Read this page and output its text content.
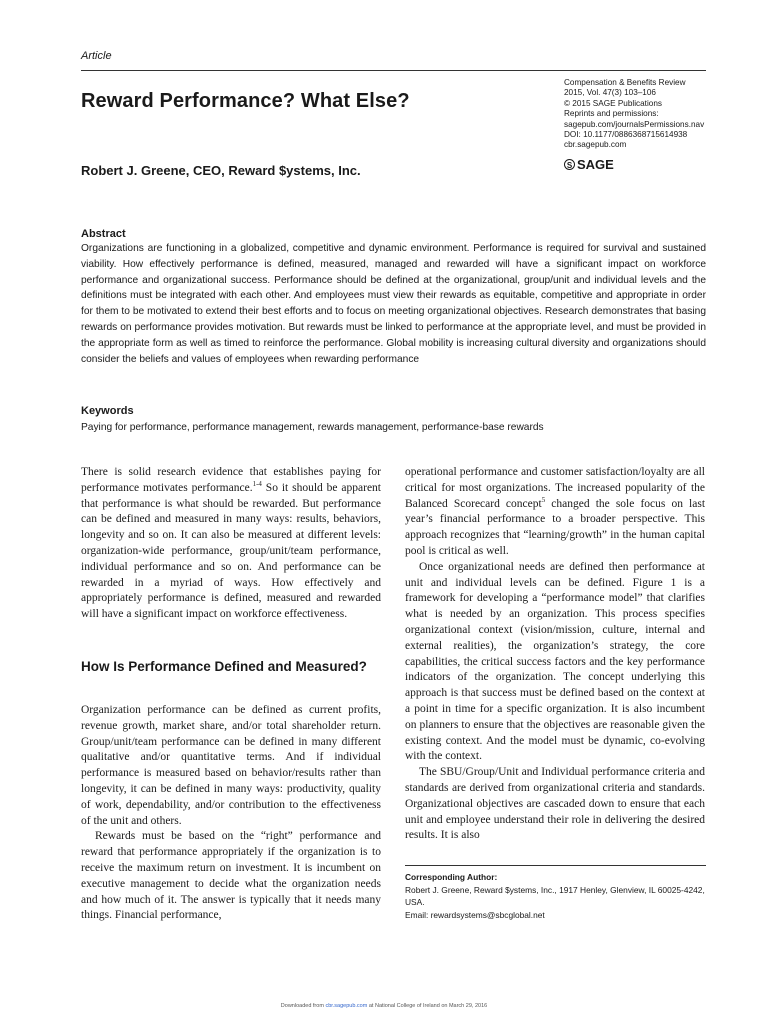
Article
Reward Performance? What Else?
Compensation & Benefits Review
2015, Vol. 47(3) 103–106
© 2015 SAGE Publications
Reprints and permissions:
sagepub.com/journalsPermissions.nav
DOI: 10.1177/0886368715614938
cbr.sagepub.com
S SAGE
Robert J. Greene, CEO, Reward $ystems, Inc.
Abstract
Organizations are functioning in a globalized, competitive and dynamic environment. Performance is required for survival and sustained viability. How effectively performance is defined, measured, managed and rewarded will have a significant impact on workforce performance and organizational success. Performance should be defined at the organizational, group/unit and individual levels and the definitions must be integrated with each other. And employees must view their rewards as equitable, competitive and appropriate in order for them to be motivated to extend their best efforts and to focus on meeting organizational objectives. Research demonstrates that basing rewards on performance provides motivation. But rewards must be linked to performance at the appropriate level, and must be provided in the appropriate form as well as timed to reinforce the performance. Global mobility is increasing cultural diversity and organizations should consider the beliefs and values of employees when rewarding performance
Keywords
Paying for performance, performance management, rewards management, performance-base rewards

There is solid research evidence that establishes paying for performance motivates performance.$^{1-4}$ So it should be apparent that performance is what should be rewarded. But performance can be defined and measured in many ways: results, behaviors, longevity and so on. It can also be measured at different levels: organization-wide performance, group/unit/team performance, individual performance and so on. And performance can be rewarded in a myriad of ways. How effectively and appropriately performance is defined, measured and rewarded will have a significant impact on workforce effectiveness.

How Is Performance Defined and Measured?

Organization performance can be defined as current profits, revenue growth, market share, and/or total shareholder return. Group/unit/team performance can be defined in many different qualitative and/or quantitative terms. And if individual performance is measured based on behavior/results rather than longevity, it can be defined in many ways: productivity, quality of work, dependability, and/or contribution to the effectiveness of the unit and others.

Rewards must be based on the “right” performance and reward that performance appropriately if the organization is to receive the maximum return on investment. It is incumbent on executive management to decide what the organization needs and how much of it. The answer is typically that it needs many things. Financial performance,

operational performance and customer satisfaction/loyalty are all critical for most organizations. The increased popularity of the Balanced Scorecard concept$^5$ changed the sole focus on last year’s financial performance to a broader perspective. This approach recognizes that “learning/growth” in the human capital pool is critical as well.

Once organizational needs are defined then performance at unit and individual levels can be defined. Figure 1 is a framework for developing a “performance model” that clarifies what is needed by an organization. This process specifies organizational context (vision/mission, culture, internal and external realities), the organization’s strategy, the core capabilities, the critical success factors and the key performance indicators of the organization. The concept underlying this approach is that success must be defined based on the context at a point in time for a specific organization. It is also incumbent on planners to ensure that the objectives are reasonable given the existing context. And the model must be dynamic, co-evolving with the context.

The SBU/Group/Unit and Individual performance criteria and standards are derived from organizational criteria and standards. Organizational objectives are cascaded down to ensure that each unit and employee understand their role in delivering the desired results. It is also

Corresponding Author:
Robert J. Greene, Reward $ystems, Inc., 1917 Henley, Glenview, IL 60025-4242, USA.
Email: rewardsystems@sbcglobal.net
Downloaded from cbr.sagepub.com at National College of Ireland on March 29, 2016
